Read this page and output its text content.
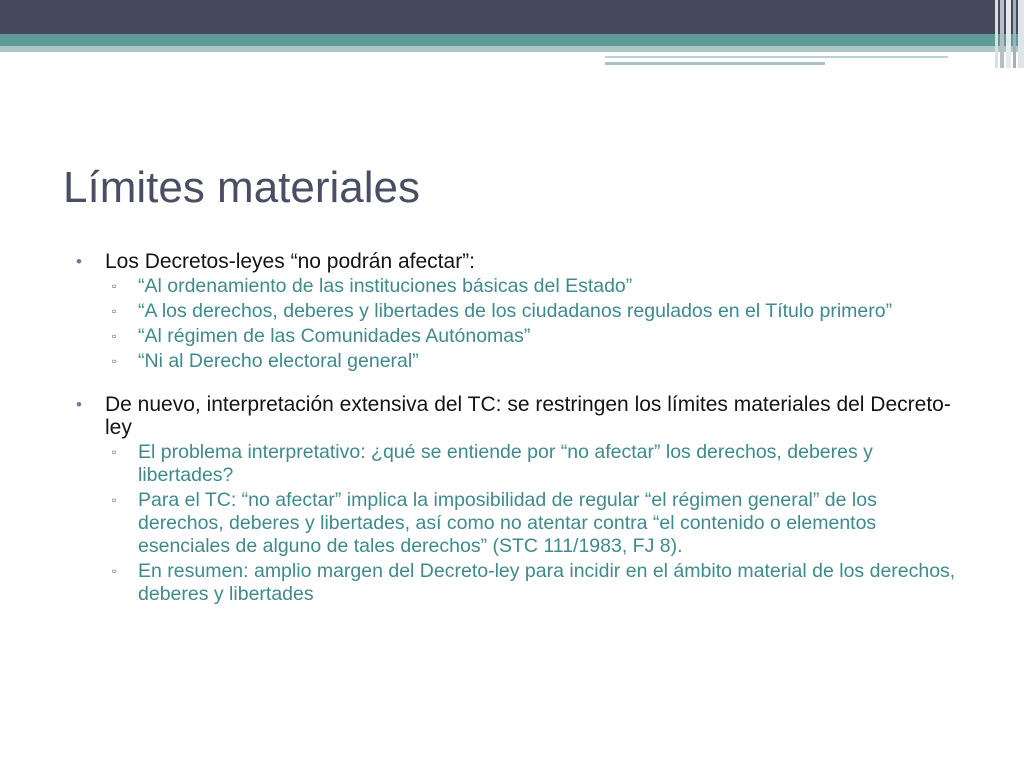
Límites materiales

• Los Decretos-leyes “no podrán afectar”:

▫ “Al ordenamiento de las instituciones básicas del Estado”

▫ “A los derechos, deberes y libertades de los ciudadanos regulados en el Título primero”

▫ “Al régimen de las Comunidades Autónomas”

▫ “Ni al Derecho electoral general”

• De nuevo, interpretación extensiva del TC: se restringen los límites materiales del Decreto-ley

▫ El problema interpretativo: ¿qué se entiende por “no afectar” los derechos, deberes y libertades?

▫ Para el TC: “no afectar” implica la imposibilidad de regular “el régimen general” de los derechos, deberes y libertades, así como no atentar contra “el contenido o elementos esenciales de alguno de tales derechos” (STC 111/1983, FJ 8).

▫ En resumen: amplio margen del Decreto-ley para incidir en el ámbito material de los derechos, deberes y libertades
